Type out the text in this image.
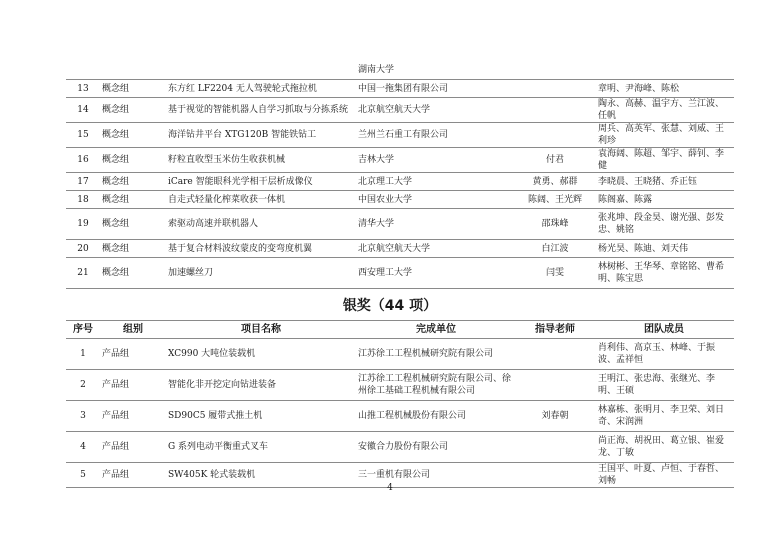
			湖南大学		
13	概念组	东方红 LF2204 无人驾驶轮式拖拉机	中国一拖集团有限公司		章明、尹海峰、陈松
14	概念组	基于视觉的智能机器人自学习抓取与分拣系统	北京航空航天大学		陶永、高赫、温宇方、兰江波、任帆
15	概念组	海洋钻井平台 XTG120B 智能铁钻工	兰州兰石重工有限公司		周兵、高英军、张慧、刘威、王利珍
16	概念组	籽粒直收型玉米仿生收获机械	吉林大学	付君	袁海阔、陈超、邹宇、薛钊、李健
17	概念组	iCare 智能眼科光学相干层析成像仪	北京理工大学	黄勇、郝群	李晓晨、王晓猪、乔正钰
18	概念组	自走式轻量化榨菜收获一体机	中国农业大学	陈阔、王光辉	陈阁嘉、陈露
19	概念组	索驱动高速并联机器人	清华大学	邵珠峰	张兆坤、段金昊、谢光强、彭发忠、姚铭
20	概念组	基于复合材料波纹蒙皮的变弯度机翼	北京航空航天大学	白江波	杨光昊、陈迪、刘天伟
21	概念组	加速螺丝刀	西安理工大学	闫雯	林树彬、王华琴、章铭铭、曹希明、陈宝思
银奖（44 项）
序号	组别	项目名称	完成单位	指导老师	团队成员
1	产品组	XC990 大吨位装载机	江苏徐工工程机械研究院有限公司		肖利伟、高京玉、林峰、于振波、孟祥恒
2	产品组	智能化非开挖定向钻进装备	江苏徐工工程机械研究院有限公司、徐州徐工基础工程机械有限公司		王明江、张忠海、张继光、李明、王硕
3	产品组	SD90C5 履带式推土机	山推工程机械股份有限公司	刘春朝	林嘉栋、张明月、李卫荣、刘日奇、宋润洲
4	产品组	G 系列电动平衡重式叉车	安徽合力股份有限公司		尚正海、胡祝田、葛立银、崔爱龙、丁敏
5	产品组	SW405K 轮式装载机	三一重机有限公司		王国平、叶夏、卢恒、于春哲、刘畅
4
